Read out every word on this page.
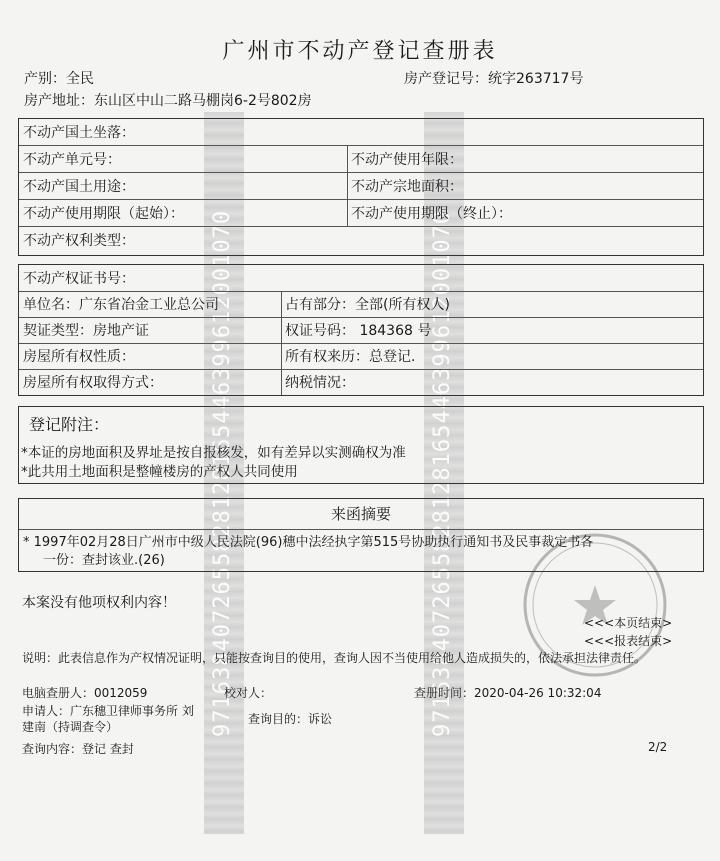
9716384072655828128165446399612001070	9716384072655828128165446399612001070
广州市不动产登记查册表
产别：全民	房产登记号：统字263717号
房产地址：东山区中山二路马棚岗6-2号802房
不动产国土坐落：
不动产单元号：	不动产使用年限：
不动产国土用途：	不动产宗地面积：
不动产使用期限（起始）：	不动产使用期限（终止）：
不动产权利类型：
不动产权证书号：
单位名：广东省冶金工业总公司	占有部分：全部(所有权人)
契证类型：房地产证	权证号码： 184368 号
房屋所有权性质：	所有权来历：总登记.
房屋所有权取得方式：	纳税情况：
登记附注：
*本证的房地面积及界址是按自报核发，如有差异以实测确权为准
*此共用土地面积是整幢楼房的产权人共同使用
来函摘要
* 1997年02月28日广州市中级人民法院(96)穗中法经执字第515号协助执行通知书及民事裁定书各
一份：查封该业.(26)
本案没有他项权利内容！
<<<本页结束>
<<<报表结束>
说明：此表信息作为产权情况证明，只能按查询目的使用，查询人因不当使用给他人造成损失的，依法承担法律责任。
电脑查册人：0012059	校对人：	查册时间：2020-04-26 10:32:04
申请人：广东穗卫律师事务所 刘
建南（持调查令）
查询目的：诉讼
查询内容：登记 查封	2/2
